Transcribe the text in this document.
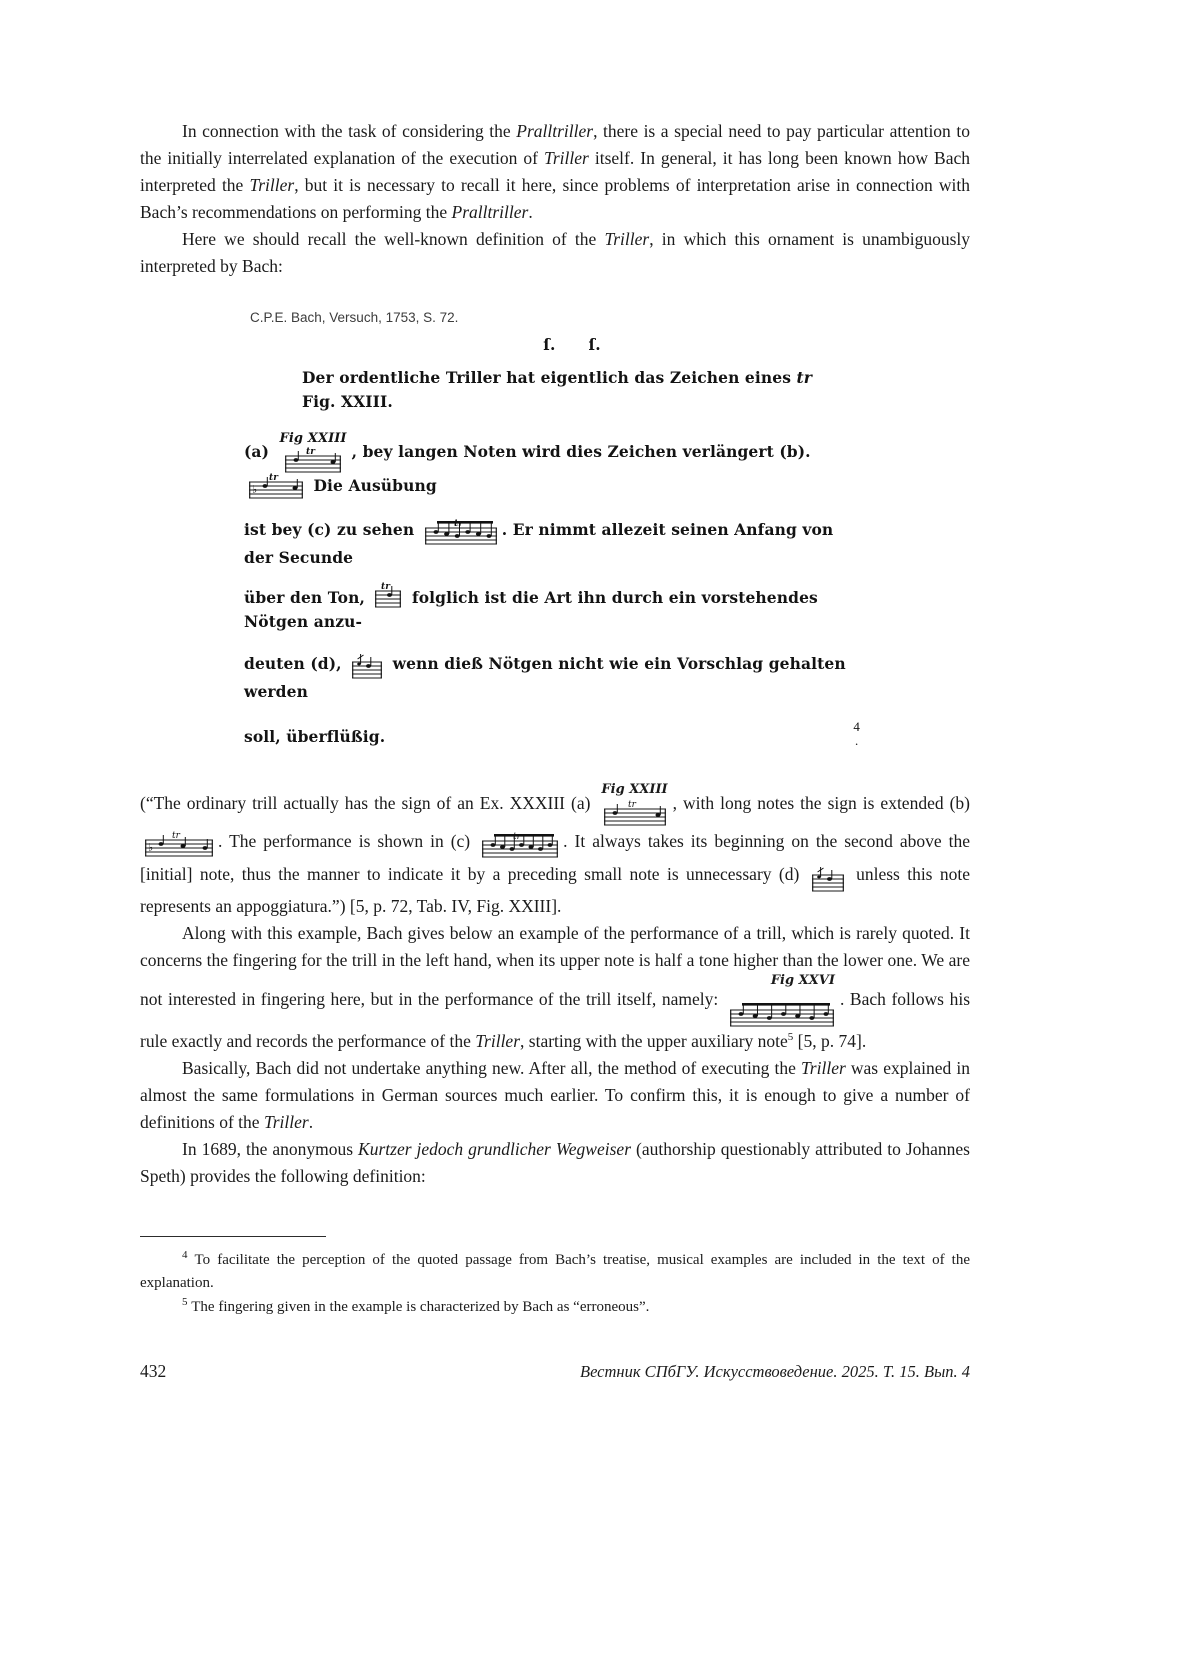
In connection with the task of considering the Pralltriller, there is a special need to pay particular attention to the initially interrelated explanation of the execution of Triller itself. In general, it has long been known how Bach interpreted the Triller, but it is necessary to recall it here, since problems of interpretation arise in connection with Bach’s recommendations on performing the Pralltriller.

Here we should recall the well-known definition of the Triller, in which this ornament is unambiguously interpreted by Bach:

C.P.E. Bach, Versuch, 1753, S. 72.
ſ.      ſ.
Der ordentliche Triller hat eigentlich das Zeichen eines tr Fig. XXIII.
(a)
Fig XXIII
tr , bey langen Noten wird dies Zeichen verlängert (b).
tr
♭	Die Ausübung
ist bey (c) zu sehen	tr	. Er nimmt allezeit seinen Anfang von der Secunde
über den Ton,
tr
folglich ist die Art ihn durch ein vorstehendes Nötgen anzu-
deuten (d),	wenn dieß Nötgen nicht wie ein Vorschlag gehalten werden
soll, überflüßig.
4
.

(“The ordinary trill actually has the sign of an Ex. XXXIII (a)
Fig XXIII
tr , with long notes the sign is extended (b)
tr
♭	. The performance is shown in (c)	tr . It always takes its beginning on the second above the [initial] note, thus the manner to indicate it by a preceding small note is unnecessary (d)
unless this note represents an appoggiatura.”) [5, p. 72, Tab. IV, Fig. XXIII].

Along with this example, Bach gives below an example of the performance of a trill, which is rarely quoted. It concerns the fingering for the trill in the left hand, when its upper note is half a tone higher than the lower one. We are not interested in fingering here, but in the performance of the trill itself, namely:
Fig XXVI
. Bach follows his rule exactly and records the performance of the Triller, starting with the upper auxiliary note$^5$ [5, p. 74].

Basically, Bach did not undertake anything new. After all, the method of executing the Triller was explained in almost the same formulations in German sources much earlier. To confirm this, it is enough to give a number of definitions of the Triller.

In 1689, the anonymous Kurtzer jedoch grundlicher Wegweiser (authorship questionably attributed to Johannes Speth) provides the following definition:

$^4$ To facilitate the perception of the quoted passage from Bach’s treatise, musical examples are included in the text of the explanation.

$^5$ The fingering given in the example is characterized by Bach as “erroneous”.

432	Вестник СПбГУ. Искусствоведение. 2025. Т. 15. Вып. 4
